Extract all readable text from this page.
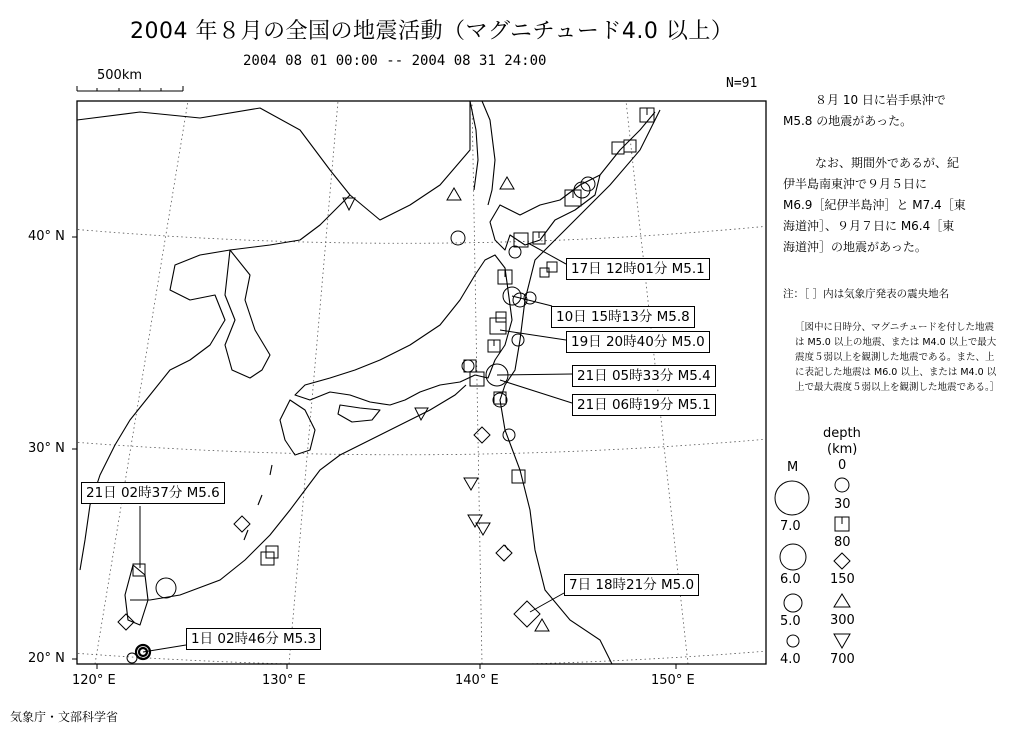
2004 年８月の全国の地震活動（マグニチュード4.0 以上）
2004 08 01 00:00 -- 2004 08 31 24:00
500km
N=91
40° N
30° N
20° N
120° E	130° E	140° E	150° E
17日 12時01分 M5.1
10日 15時13分 M5.8
19日 20時40分 M5.0
21日 05時33分 M5.4
21日 06時19分 M5.1
21日 02時37分 M5.6
7日 18時21分 M5.0
1日 02時46分 M5.3
８月 10 日に岩手県沖で
M5.8 の地震があった。
なお、期間外であるが、紀
伊半島南東沖で９月５日に
M6.9［紀伊半島沖］と M7.4［東
海道沖］、９月７日に M6.4［東
海道沖］の地震があった。
注：［ ］内は気象庁発表の震央地名
［図中に日時分、マグニチュードを付した地震は M5.0 以上の地震、または M4.0 以上で最大震度５弱以上を観測した地震である。また、上に表記した地震は M6.0 以上、または M4.0 以上で最大震度５弱以上を観測した地震である。］
M
7.0
6.0
5.0
4.0
depth
(km)
0
30
80
150
300
700
気象庁・文部科学省
